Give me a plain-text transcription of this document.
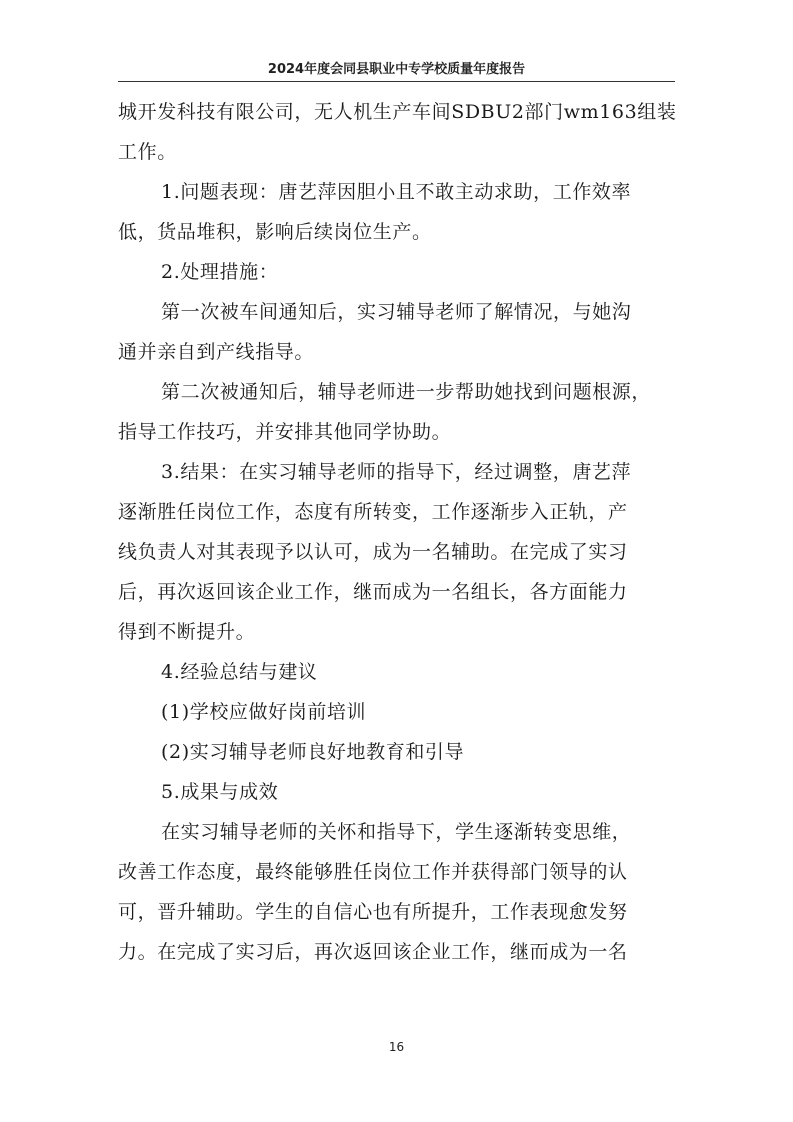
2024年度会同县职业中专学校质量年度报告
城开发科技有限公司，无人机生产车间SDBU2部门wm163组装
工作。
1.问题表现：唐艺萍因胆小且不敢主动求助，工作效率
低，货品堆积，影响后续岗位生产。
2.处理措施：
第一次被车间通知后，实习辅导老师了解情况，与她沟
通并亲自到产线指导。
第二次被通知后，辅导老师进一步帮助她找到问题根源，
指导工作技巧，并安排其他同学协助。
3.结果：在实习辅导老师的指导下，经过调整，唐艺萍
逐渐胜任岗位工作，态度有所转变，工作逐渐步入正轨，产
线负责人对其表现予以认可，成为一名辅助。在完成了实习
后，再次返回该企业工作，继而成为一名组长，各方面能力
得到不断提升。
4.经验总结与建议
(1)学校应做好岗前培训
(2)实习辅导老师良好地教育和引导
5.成果与成效
在实习辅导老师的关怀和指导下，学生逐渐转变思维，
改善工作态度，最终能够胜任岗位工作并获得部门领导的认
可，晋升辅助。学生的自信心也有所提升，工作表现愈发努
力。在完成了实习后，再次返回该企业工作，继而成为一名
16
